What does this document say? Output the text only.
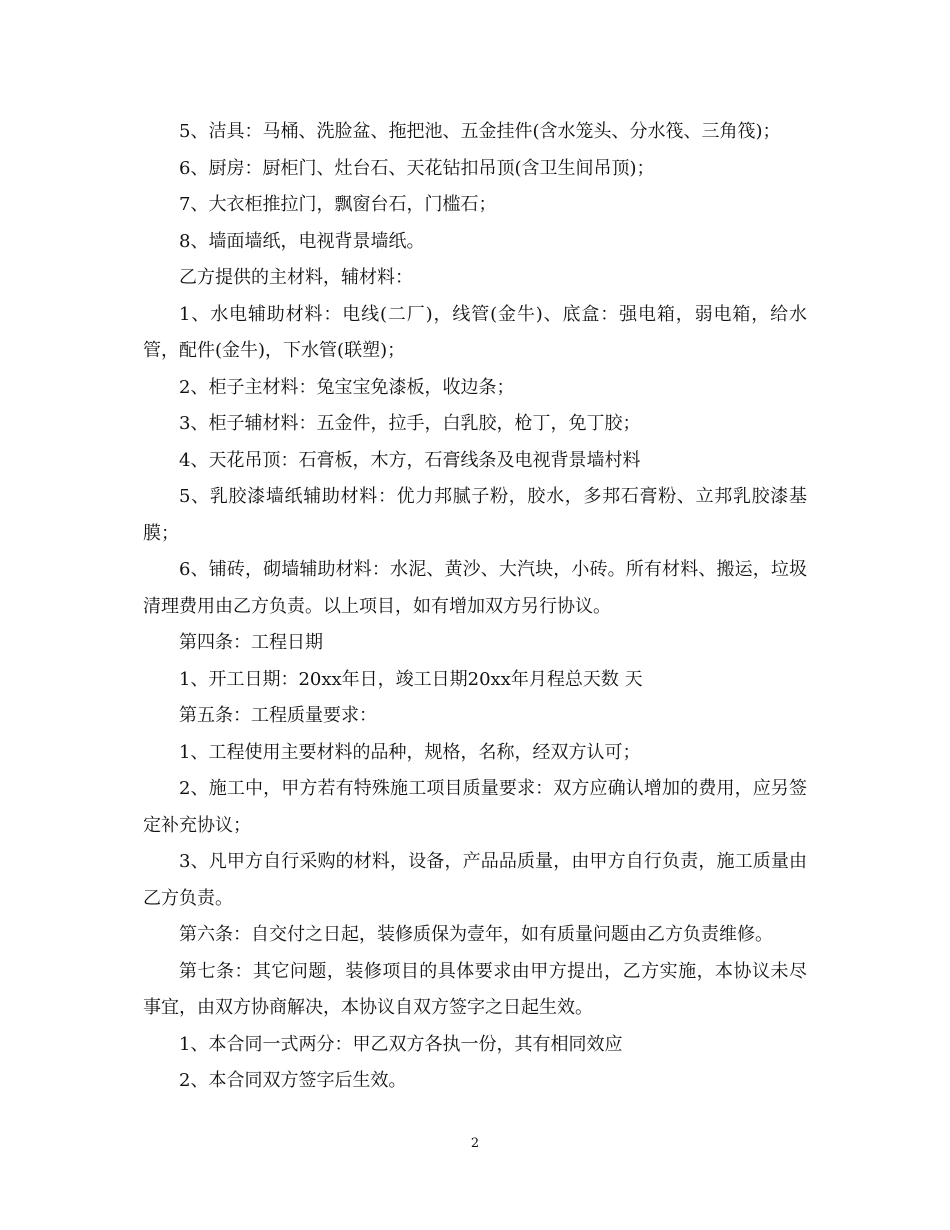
5、洁具：马桶、洗脸盆、拖把池、五金挂件(含水笼头、分水筏、三角筏)；

6、厨房：厨柜门、灶台石、天花钻扣吊顶(含卫生间吊顶)；

7、大衣柜推拉门，飘窗台石，门槛石；

8、墙面墙纸，电视背景墙纸。

乙方提供的主材料，辅材料：

1、水电辅助材料：电线(二厂)，线管(金牛)、底盒：强电箱，弱电箱，给水管，配件(金牛)，下水管(联塑)；

2、柜子主材料：兔宝宝免漆板，收边条；

3、柜子辅材料：五金件，拉手，白乳胶，枪丁，免丁胶；

4、天花吊顶：石膏板，木方，石膏线条及电视背景墙村料

5、乳胶漆墙纸辅助材料：优力邦腻子粉，胶水，多邦石膏粉、立邦乳胶漆基膜；

6、铺砖，砌墙辅助材料：水泥、黄沙、大汽块，小砖。所有材料、搬运，垃圾清理费用由乙方负责。以上项目，如有增加双方另行协议。

第四条：工程日期

1、开工日期：20xx年日，竣工日期20xx年月程总天数 天

第五条：工程质量要求：

1、工程使用主要材料的品种，规格，名称，经双方认可；

2、施工中，甲方若有特殊施工项目质量要求：双方应确认增加的费用，应另签定补充协议；

3、凡甲方自行采购的材料，设备，产品品质量，由甲方自行负责，施工质量由乙方负责。

第六条：自交付之日起，装修质保为壹年，如有质量问题由乙方负责维修。

第七条：其它问题，装修项目的具体要求由甲方提出，乙方实施，本协议未尽事宜，由双方协商解决，本协议自双方签字之日起生效。

1、本合同一式两分：甲乙双方各执一份，其有相同效应

2、本合同双方签字后生效。

2
